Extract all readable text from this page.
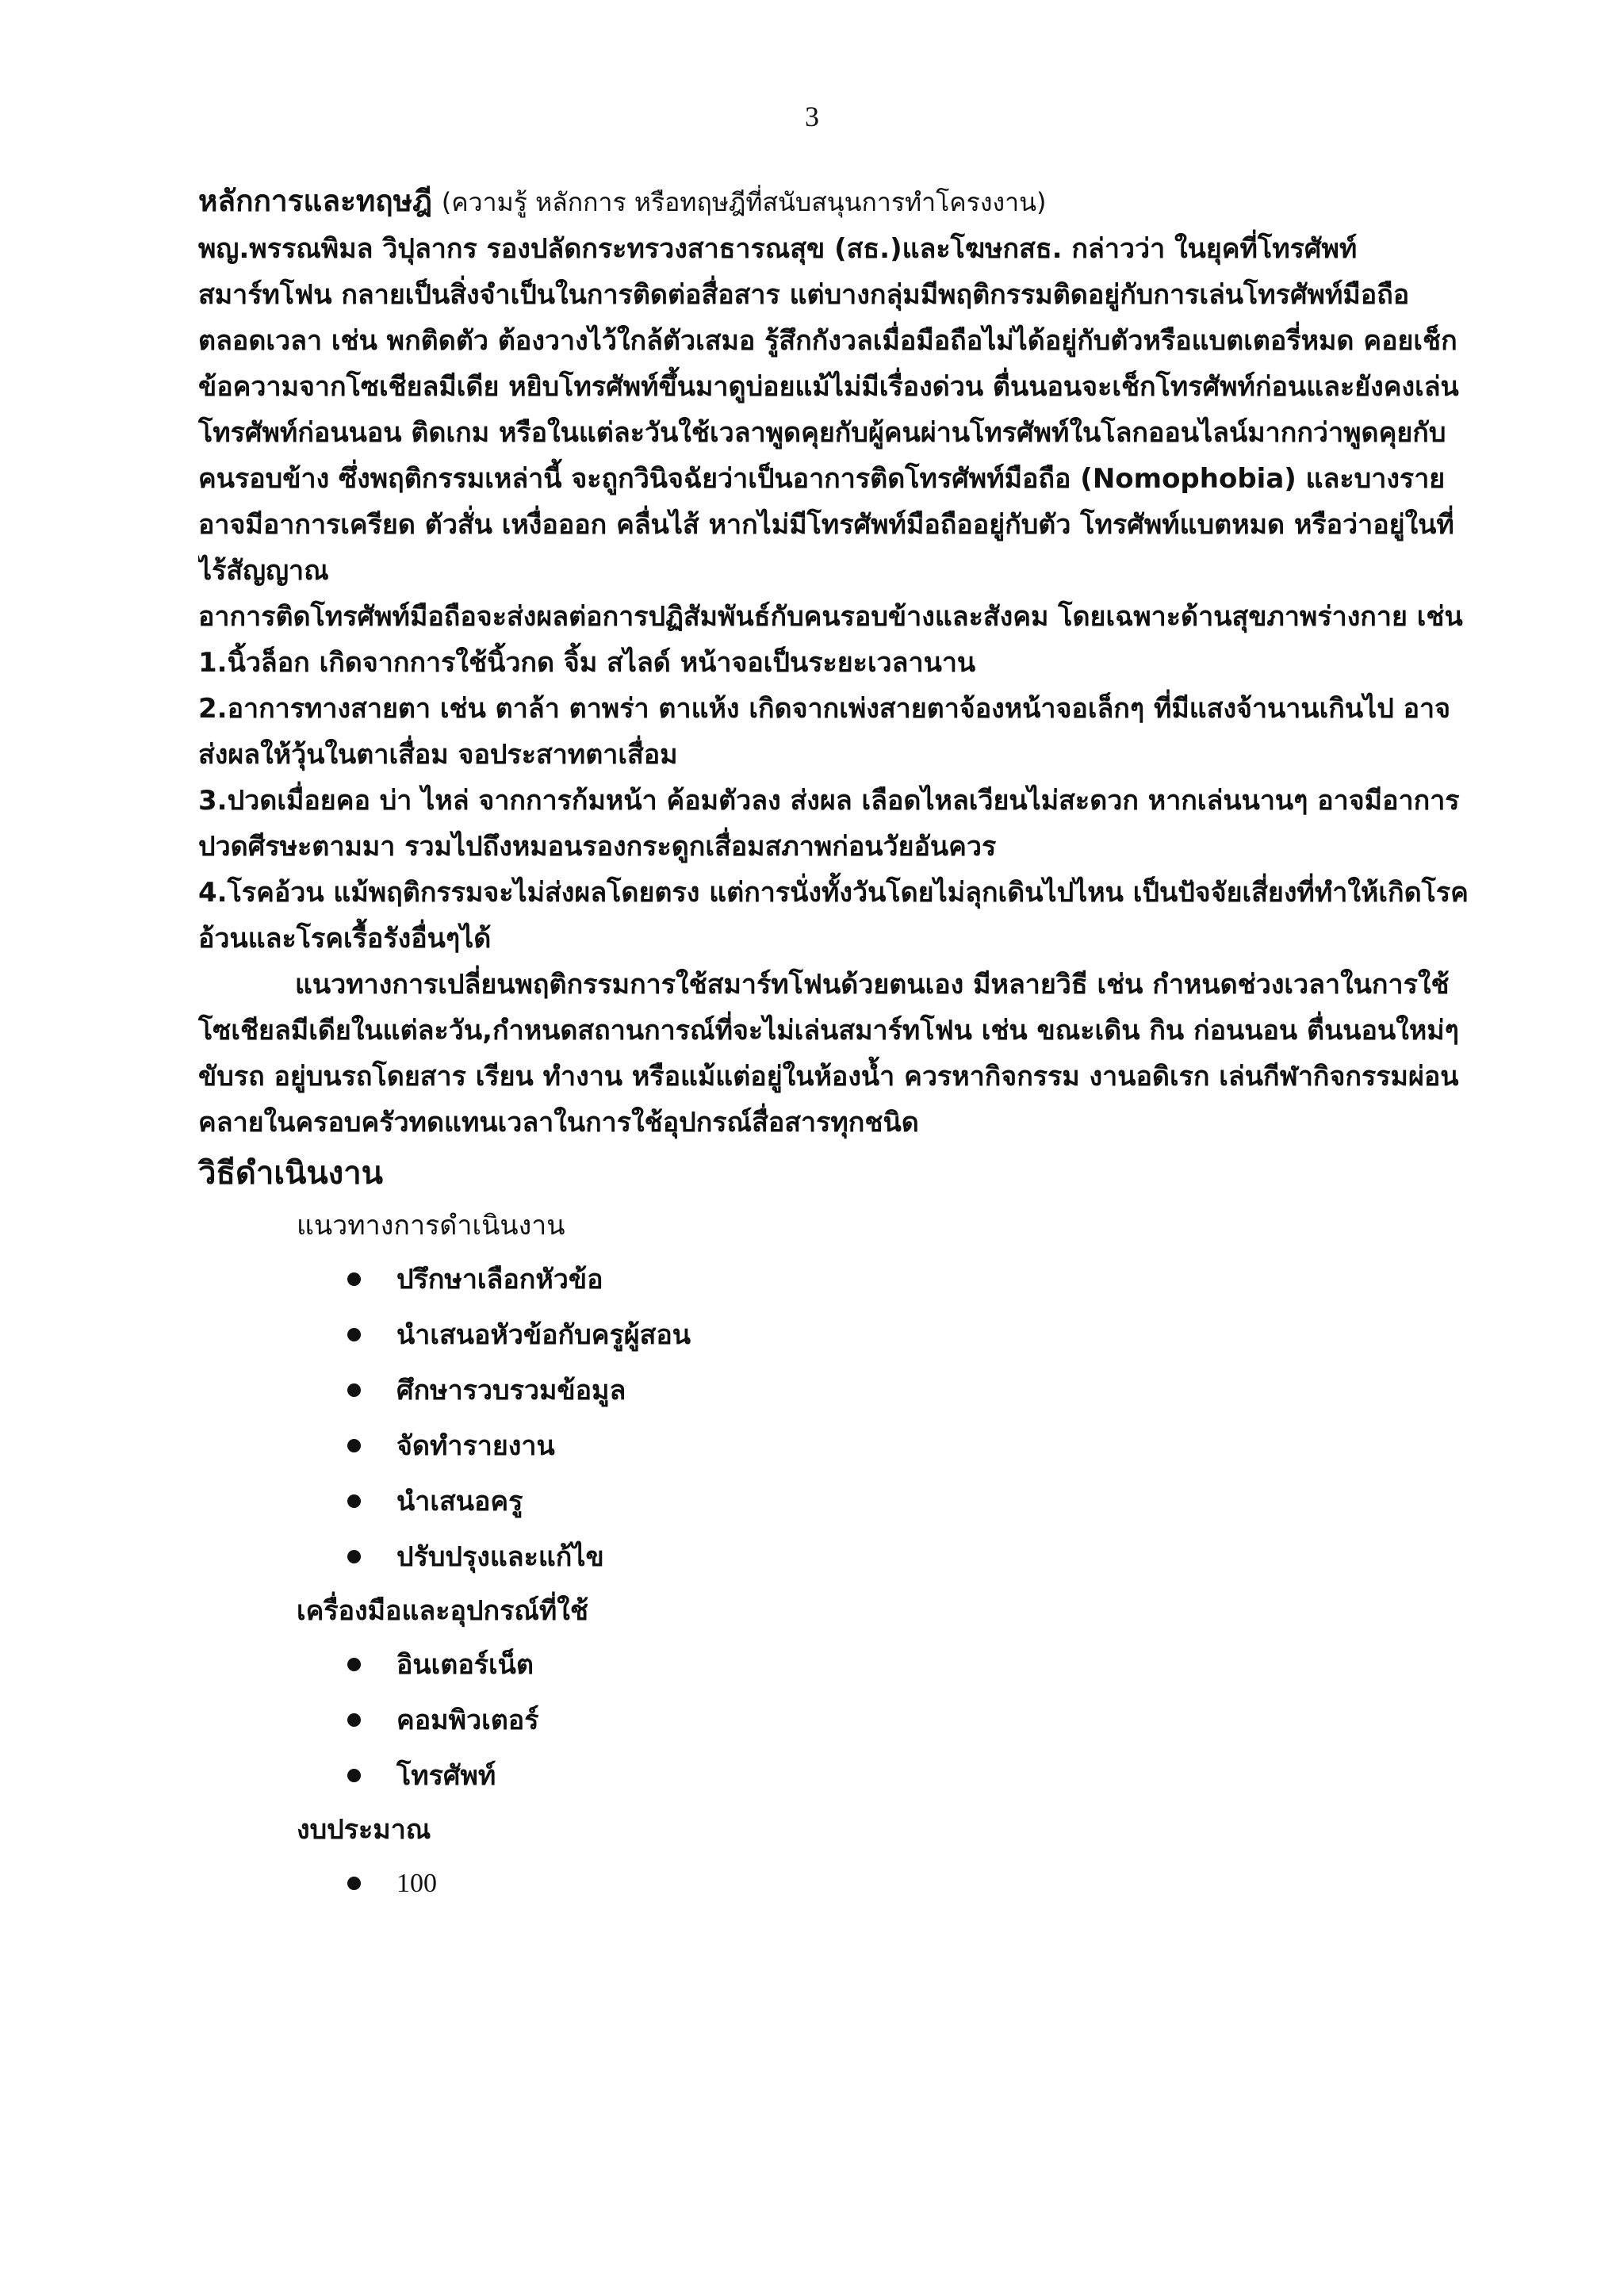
3
หลักการและทฤษฎี (ความรู้ หลักการ หรือทฤษฎีที่สนับสนุนการทำโครงงาน)
พญ.พรรณพิมล วิปุลากร รองปลัดกระทรวงสาธารณสุข (สธ.)และโฆษกสธ. กล่าวว่า ในยุคที่โทรศัพท์
สมาร์ทโฟน กลายเป็นสิ่งจำเป็นในการติดต่อสื่อสาร แต่บางกลุ่มมีพฤติกรรมติดอยู่กับการเล่นโทรศัพท์มือถือ
ตลอดเวลา เช่น พกติดตัว ต้องวางไว้ใกล้ตัวเสมอ รู้สึกกังวลเมื่อมือถือไม่ได้อยู่กับตัวหรือแบตเตอรี่หมด คอยเช็ก
ข้อความจากโซเชียลมีเดีย หยิบโทรศัพท์ขึ้นมาดูบ่อยแม้ไม่มีเรื่องด่วน ตื่นนอนจะเช็กโทรศัพท์ก่อนและยังคงเล่น
โทรศัพท์ก่อนนอน ติดเกม หรือในแต่ละวันใช้เวลาพูดคุยกับผู้คนผ่านโทรศัพท์ในโลกออนไลน์มากกว่าพูดคุยกับ
คนรอบข้าง ซึ่งพฤติกรรมเหล่านี้ จะถูกวินิจฉัยว่าเป็นอาการติดโทรศัพท์มือถือ (Nomophobia) และบางราย
อาจมีอาการเครียด ตัวสั่น เหงื่อออก คลื่นไส้ หากไม่มีโทรศัพท์มือถืออยู่กับตัว โทรศัพท์แบตหมด หรือว่าอยู่ในที่
ไร้สัญญาณ
อาการติดโทรศัพท์มือถือจะส่งผลต่อการปฏิสัมพันธ์กับคนรอบข้างและสังคม โดยเฉพาะด้านสุขภาพร่างกาย เช่น
1.นิ้วล็อก เกิดจากการใช้นิ้วกด จิ้ม สไลด์ หน้าจอเป็นระยะเวลานาน
2.อาการทางสายตา เช่น ตาล้า ตาพร่า ตาแห้ง เกิดจากเพ่งสายตาจ้องหน้าจอเล็กๆ ที่มีแสงจ้านานเกินไป อาจ
ส่งผลให้วุ้นในตาเสื่อม จอประสาทตาเสื่อม
3.ปวดเมื่อยคอ บ่า ไหล่ จากการก้มหน้า ค้อมตัวลง ส่งผล เลือดไหลเวียนไม่สะดวก หากเล่นนานๆ อาจมีอาการ
ปวดศีรษะตามมา รวมไปถึงหมอนรองกระดูกเสื่อมสภาพก่อนวัยอันควร
4.โรคอ้วน แม้พฤติกรรมจะไม่ส่งผลโดยตรง แต่การนั่งทั้งวันโดยไม่ลุกเดินไปไหน เป็นปัจจัยเสี่ยงที่ทำให้เกิดโรค
อ้วนและโรคเรื้อรังอื่นๆได้
แนวทางการเปลี่ยนพฤติกรรมการใช้สมาร์ทโฟนด้วยตนเอง มีหลายวิธี เช่น กำหนดช่วงเวลาในการใช้
โซเชียลมีเดียในแต่ละวัน,กำหนดสถานการณ์ที่จะไม่เล่นสมาร์ทโฟน เช่น ขณะเดิน กิน ก่อนนอน ตื่นนอนใหม่ๆ
ขับรถ อยู่บนรถโดยสาร เรียน ทำงาน หรือแม้แต่อยู่ในห้องน้ำ ควรหากิจกรรม งานอดิเรก เล่นกีฬากิจกรรมผ่อน
คลายในครอบครัวทดแทนเวลาในการใช้อุปกรณ์สื่อสารทุกชนิด
วิธีดำเนินงาน
แนวทางการดำเนินงาน
ปรึกษาเลือกหัวข้อ
นำเสนอหัวข้อกับครูผู้สอน
ศึกษารวบรวมข้อมูล
จัดทำรายงาน
นำเสนอครู
ปรับปรุงและแก้ไข
เครื่องมือและอุปกรณ์ที่ใช้
อินเตอร์เน็ต
คอมพิวเตอร์
โทรศัพท์
งบประมาณ
100
